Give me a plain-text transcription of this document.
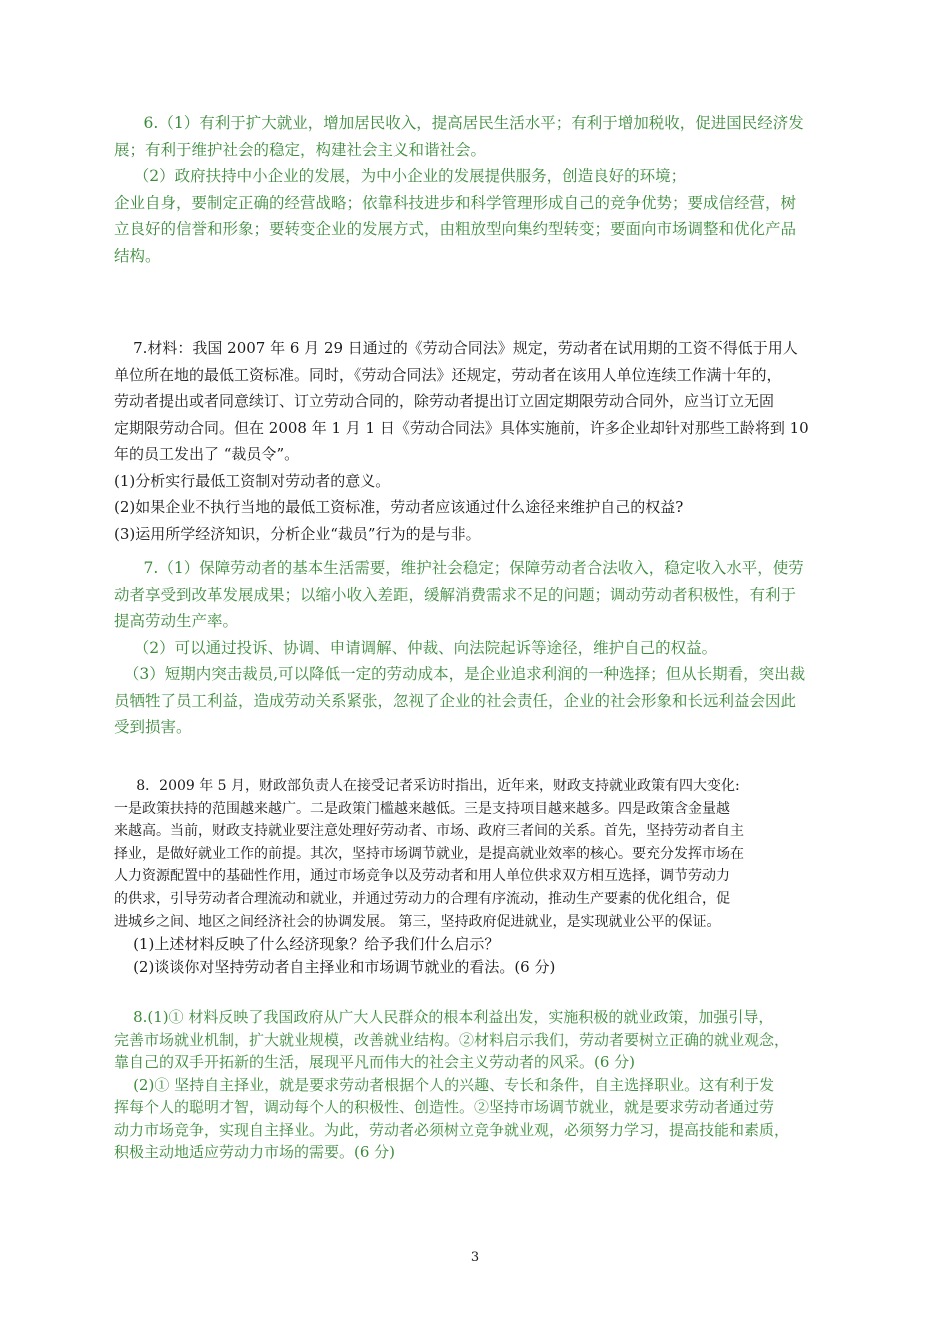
6.（1）有利于扩大就业，增加居民收入，提高居民生活水平；有利于增加税收，促进国民经济发

展；有利于维护社会的稳定，构建社会主义和谐社会。

（2）政府扶持中小企业的发展，为中小企业的发展提供服务，创造良好的环境；

企业自身，要制定正确的经营战略；依靠科技进步和科学管理形成自己的竞争优势；要成信经营，树

立良好的信誉和形象；要转变企业的发展方式，由粗放型向集约型转变；要面向市场调整和优化产品

结构。

7.材料：我国 2007 年 6 月 29 日通过的《劳动合同法》规定，劳动者在试用期的工资不得低于用人

单位所在地的最低工资标准。同时，《劳动合同法》还规定，劳动者在该用人单位连续工作满十年的，

劳动者提出或者同意续订、订立劳动合同的，除劳动者提出订立固定期限劳动合同外，应当订立无固

定期限劳动合同。但在 2008 年 1 月 1 日《劳动合同法》具体实施前，许多企业却针对那些工龄将到 10

年的员工发出了 “裁员令”。

(1)分析实行最低工资制对劳动者的意义。

(2)如果企业不执行当地的最低工资标准，劳动者应该通过什么途径来维护自己的权益?

(3)运用所学经济知识，分析企业“裁员”行为的是与非。

7.（1）保障劳动者的基本生活需要，维护社会稳定；保障劳动者合法收入，稳定收入水平，使劳

动者享受到改革发展成果；以缩小收入差距，缓解消费需求不足的问题；调动劳动者积极性，有利于

提高劳动生产率。

（2）可以通过投诉、协调、申请调解、仲裁、向法院起诉等途径，维护自己的权益。

（3）短期内突击裁员,可以降低一定的劳动成本，是企业追求利润的一种选择；但从长期看，突出裁

员牺牲了员工利益，造成劳动关系紧张，忽视了企业的社会责任，企业的社会形象和长远利益会因此

受到损害。

8．2009 年 5 月，财政部负责人在接受记者采访时指出，近年来，财政支持就业政策有四大变化:

一是政策扶持的范围越来越广。二是政策门槛越来越低。三是支持项目越来越多。四是政策含金量越

来越高。当前，财政支持就业要注意处理好劳动者、市场、政府三者间的关系。首先，坚持劳动者自主

择业，是做好就业工作的前提。其次，坚持市场调节就业，是提高就业效率的核心。要充分发挥市场在

人力资源配置中的基础性作用，通过市场竞争以及劳动者和用人单位供求双方相互选择，调节劳动力

的供求，引导劳动者合理流动和就业，并通过劳动力的合理有序流动，推动生产要素的优化组合，促

进城乡之间、地区之间经济社会的协调发展。 第三，坚持政府促进就业，是实现就业公平的保证。

(1)上述材料反映了什么经济现象？给予我们什么启示？

(2)谈谈你对坚持劳动者自主择业和市场调节就业的看法。(6 分)

8.(1)① 材料反映了我国政府从广大人民群众的根本利益出发，实施积极的就业政策，加强引导，

完善市场就业机制，扩大就业规模，改善就业结构。②材料启示我们，劳动者要树立正确的就业观念，

靠自己的双手开拓新的生活，展现平凡而伟大的社会主义劳动者的风采。(6 分)

(2)① 坚持自主择业，就是要求劳动者根据个人的兴趣、专长和条件，自主选择职业。这有利于发

挥每个人的聪明才智，调动每个人的积极性、创造性。②坚持市场调节就业，就是要求劳动者通过劳

动力市场竞争，实现自主择业。为此，劳动者必须树立竞争就业观，必须努力学习，提高技能和素质，

积极主动地适应劳动力市场的需要。(6 分)

3
